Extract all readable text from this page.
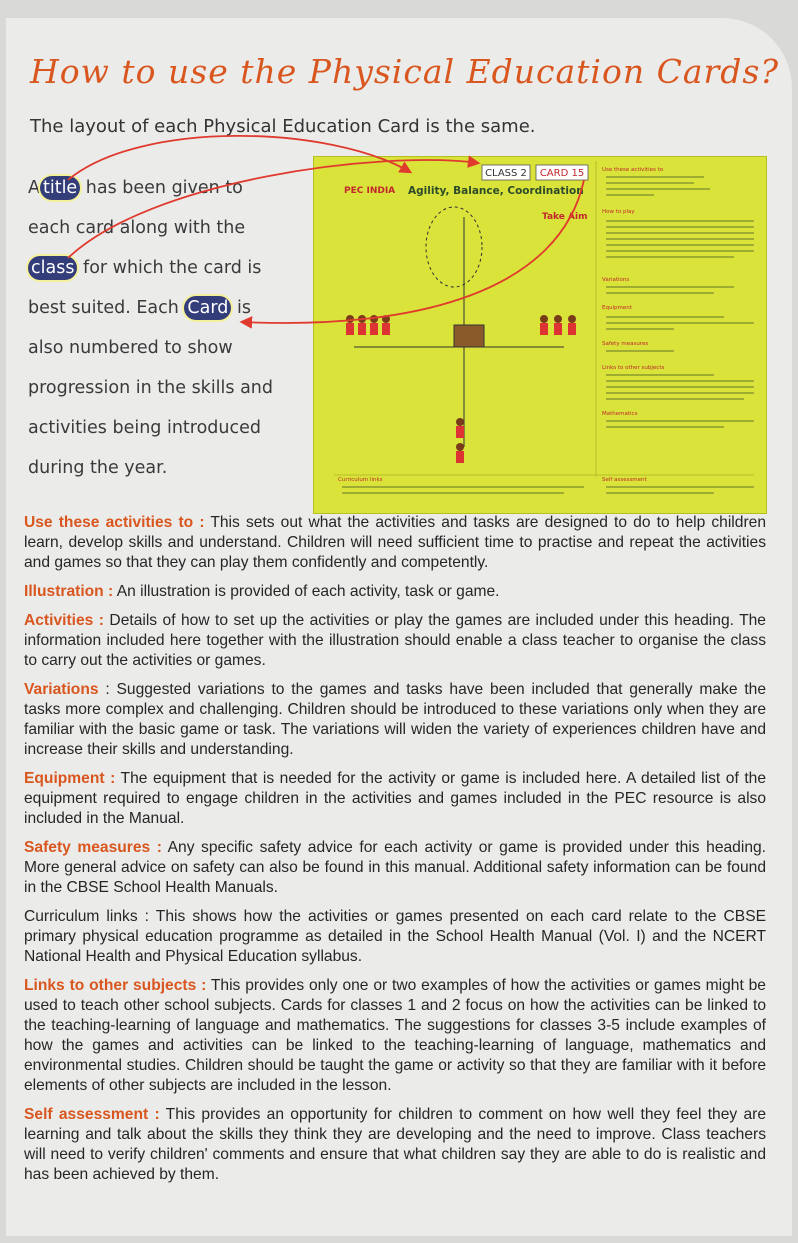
How to use the Physical Education Cards?

The layout of each Physical Education Card is the same.

A title has been given to
each card along with the
class for which the card is
best suited. Each Card is
also numbered to show
progression in the skills and
activities being introduced
during the year.
CLASS 2 CARD 15
PEC INDIA Agility, Balance, Coordination
Take Aim
Use these activities to
How to play
Variations
Equipment
Safety measures
Links to other subjects
Mathematics
Curriculum links	Self assessment

Use these activities to : This sets out what the activities and tasks are designed to do to help children learn, develop skills and understand. Children will need sufficient time to practise and repeat the activities and games so that they can play them confidently and competently.

Illustration : An illustration is provided of each activity, task or game.

Activities : Details of how to set up the activities or play the games are included under this heading. The information included here together with the illustration should enable a class teacher to organise the class to carry out the activities or games.

Variations : Suggested variations to the games and tasks have been included that generally make the tasks more complex and challenging. Children should be introduced to these variations only when they are familiar with the basic game or task. The variations will widen the variety of experiences children have and increase their skills and understanding.

Equipment : The equipment that is needed for the activity or game is included here. A detailed list of the equipment required to engage children in the activities and games included in the PEC resource is also included in the Manual.

Safety measures : Any specific safety advice for each activity or game is provided under this heading. More general advice on safety can also be found in this manual. Additional safety information can be found in the CBSE School Health Manuals.

Curriculum links : This shows how the activities or games presented on each card relate to the CBSE primary physical education programme as detailed in the School Health Manual (Vol. I) and the NCERT National Health and Physical Education syllabus.

Links to other subjects : This provides only one or two examples of how the activities or games might be used to teach other school subjects. Cards for classes 1 and 2 focus on how the activities can be linked to the teaching-learning of language and mathematics. The suggestions for classes 3-5 include examples of how the games and activities can be linked to the teaching-learning of language, mathematics and environmental studies. Children should be taught the game or activity so that they are familiar with it before elements of other subjects are included in the lesson.

Self assessment : This provides an opportunity for children to comment on how well they feel they are learning and talk about the skills they think they are developing and the need to improve. Class teachers will need to verify children' comments and ensure that what children say they are able to do is realistic and has been achieved by them.
